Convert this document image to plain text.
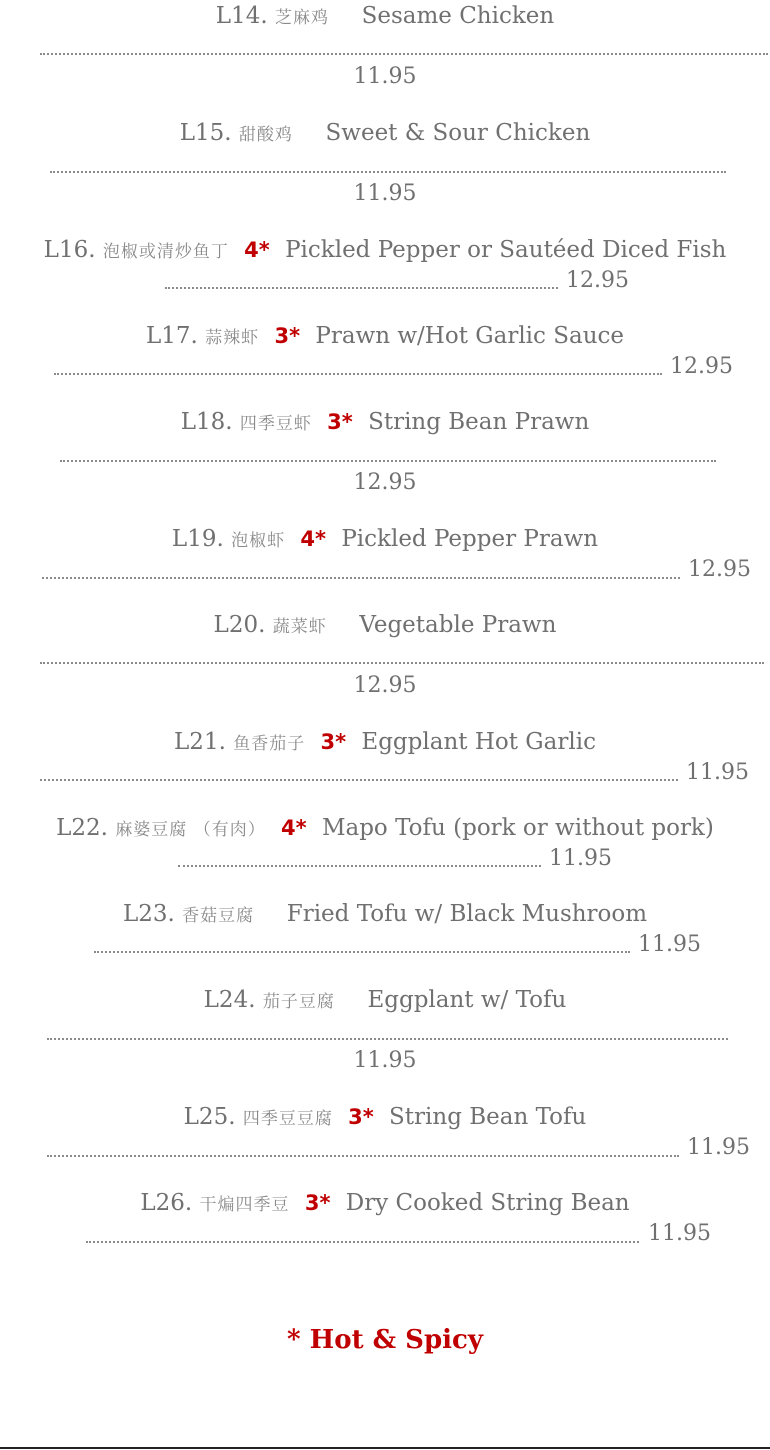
L14. 芝麻鸡 Sesame Chicken
11.95
L15. 甜酸鸡 Sweet & Sour Chicken
11.95
L16. 泡椒或清炒鱼丁 4* Pickled Pepper or Sautéed Diced Fish
12.95
L17. 蒜辣虾 3* Prawn w/Hot Garlic Sauce
12.95
L18. 四季豆虾 3* String Bean Prawn
12.95
L19. 泡椒虾 4* Pickled Pepper Prawn
12.95
L20. 蔬菜虾 Vegetable Prawn
12.95
L21. 鱼香茄子 3* Eggplant Hot Garlic
11.95
L22. 麻婆豆腐 （有肉） 4* Mapo Tofu (pork or without pork)
11.95
L23. 香菇豆腐 Fried Tofu w/ Black Mushroom
11.95
L24. 茄子豆腐 Eggplant w/ Tofu
11.95
L25. 四季豆豆腐 3* String Bean Tofu
11.95
L26. 干煸四季豆 3* Dry Cooked String Bean
11.95
* Hot & Spicy
